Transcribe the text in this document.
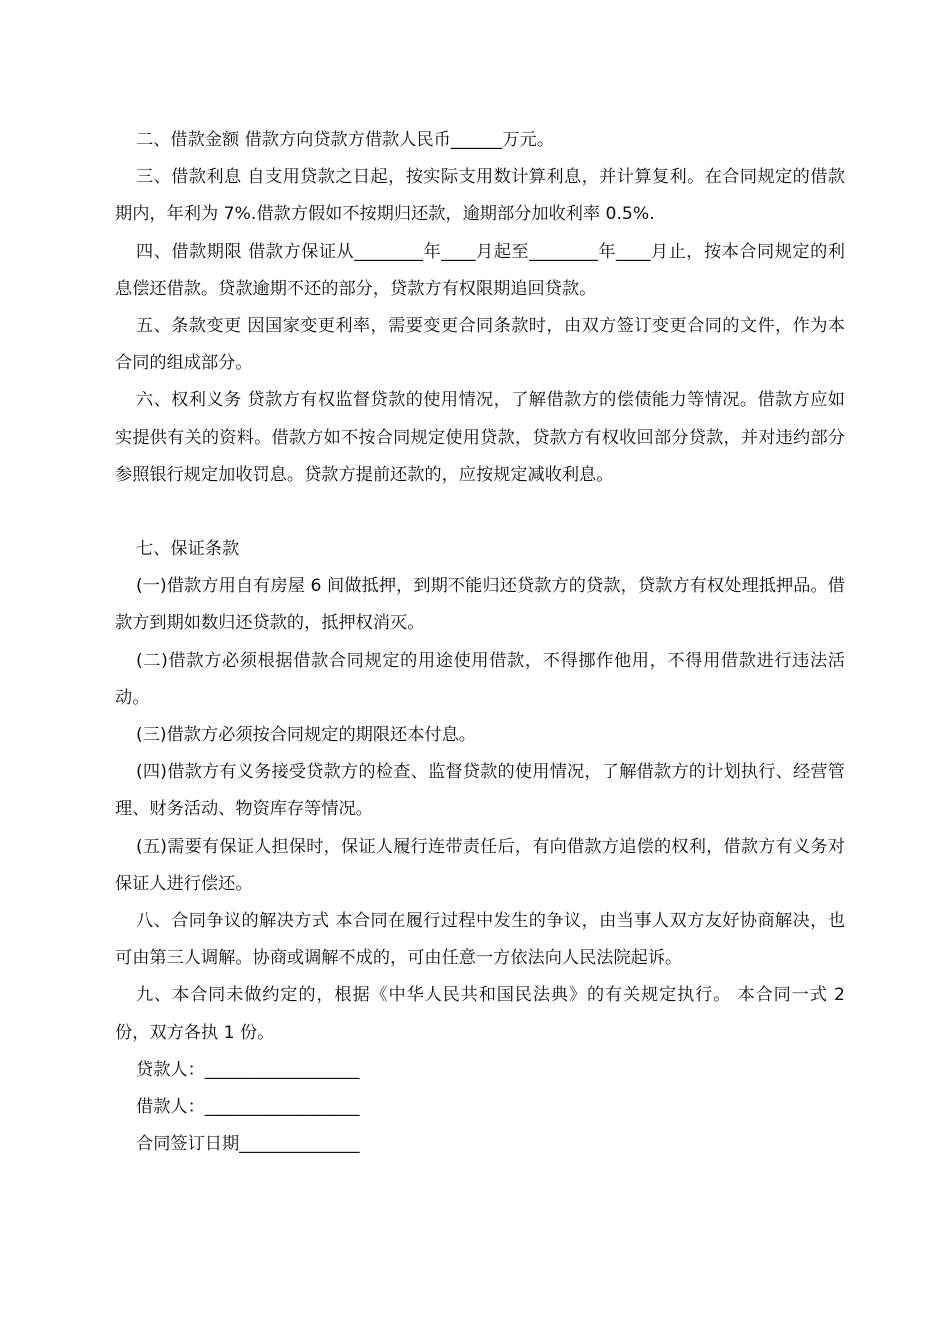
二、借款金额 借款方向贷款方借款人民币______万元。

三、借款利息 自支用贷款之日起，按实际支用数计算利息，并计算复利。在合同规定的借款期内，年利为 7%.借款方假如不按期归还款，逾期部分加收利率 0.5%.

四、借款期限 借款方保证从________年____月起至________年____月止，按本合同规定的利息偿还借款。贷款逾期不还的部分，贷款方有权限期追回贷款。

五、条款变更 因国家变更利率，需要变更合同条款时，由双方签订变更合同的文件，作为本合同的组成部分。

六、权利义务 贷款方有权监督贷款的使用情况，了解借款方的偿债能力等情况。借款方应如实提供有关的资料。借款方如不按合同规定使用贷款，贷款方有权收回部分贷款，并对违约部分参照银行规定加收罚息。贷款方提前还款的，应按规定减收利息。

七、保证条款

(一)借款方用自有房屋 6 间做抵押，到期不能归还贷款方的贷款，贷款方有权处理抵押品。借款方到期如数归还贷款的，抵押权消灭。

(二)借款方必须根据借款合同规定的用途使用借款，不得挪作他用，不得用借款进行违法活动。

(三)借款方必须按合同规定的期限还本付息。

(四)借款方有义务接受贷款方的检查、监督贷款的使用情况，了解借款方的计划执行、经营管理、财务活动、物资库存等情况。

(五)需要有保证人担保时，保证人履行连带责任后，有向借款方追偿的权利，借款方有义务对保证人进行偿还。

八、合同争议的解决方式 本合同在履行过程中发生的争议，由当事人双方友好协商解决，也可由第三人调解。协商或调解不成的，可由任意一方依法向人民法院起诉。

九、本合同未做约定的，根据《中华人民共和国民法典》的有关规定执行。 本合同一式 2 份，双方各执 1 份。

贷款人：__________________

借款人：__________________

合同签订日期______________
